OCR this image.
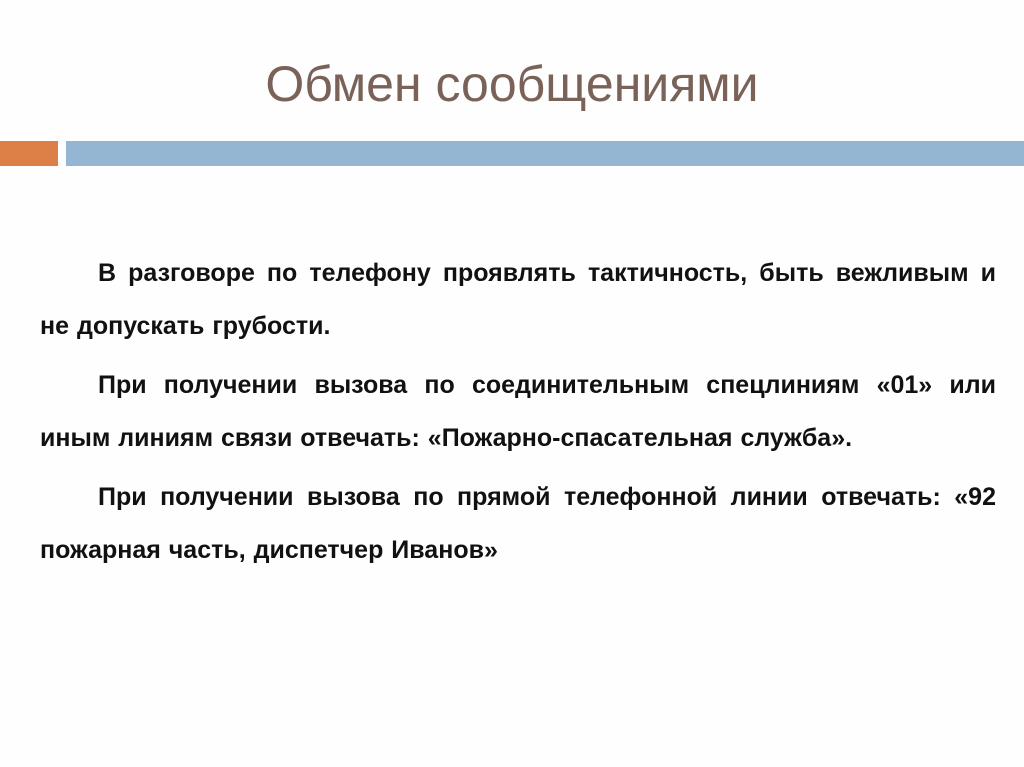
Обмен сообщениями

В разговоре по телефону проявлять тактичность, быть вежливым и не допускать грубости.

При получении вызова по соединительным спецлиниям «01» или иным линиям связи отвечать: «Пожарно-спасательная служба».

При получении вызова по прямой телефонной линии отвечать: «92 пожарная часть, диспетчер Иванов»
